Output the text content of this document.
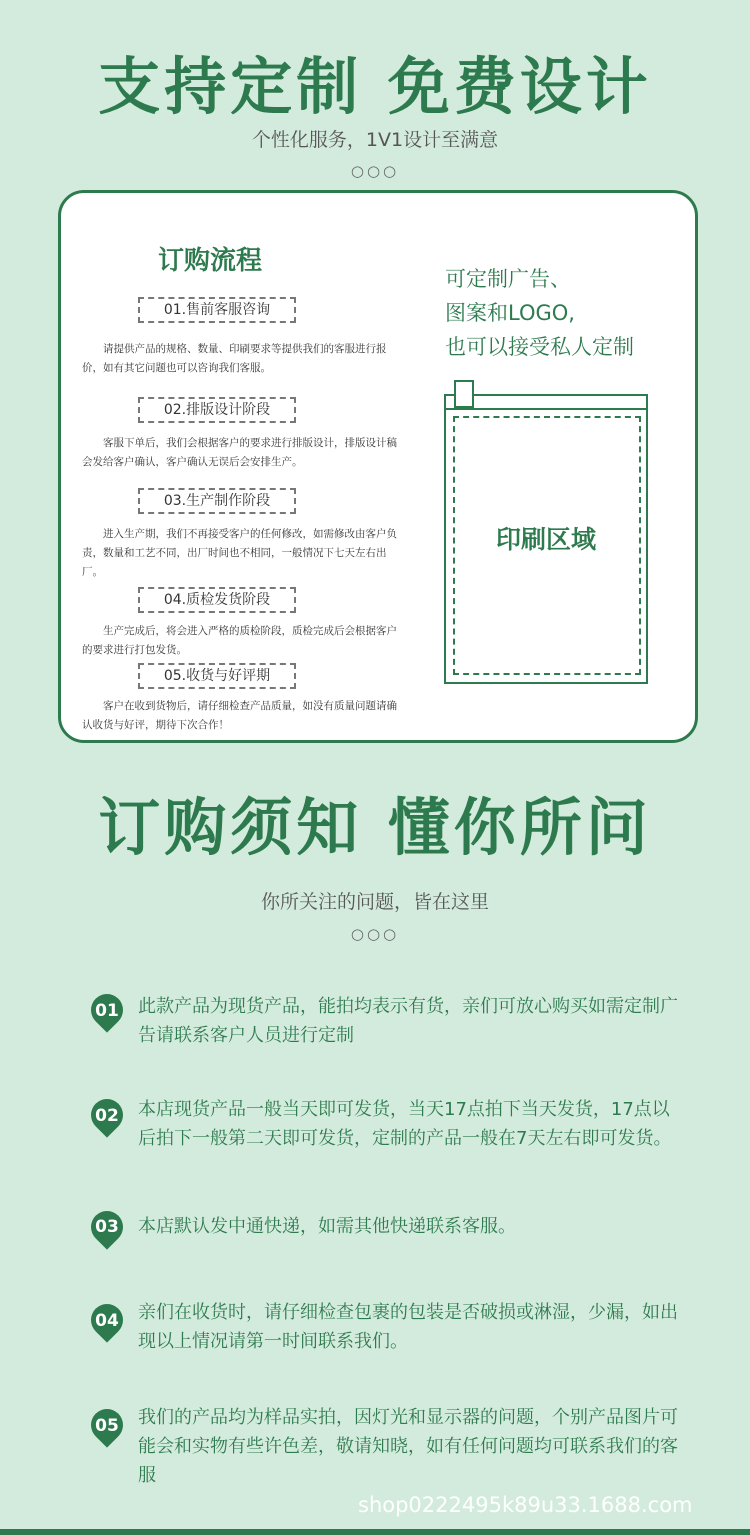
支持定制 免费设计
个性化服务，1V1设计至满意
○○○
订购流程
01.售前客服咨询
请提供产品的规格、数量、印刷要求等提供我们的客服进行报价，如有其它问题也可以咨询我们客服。
02.排版设计阶段
客服下单后，我们会根据客户的要求进行排版设计，排版设计稿会发给客户确认，客户确认无误后会安排生产。
03.生产制作阶段
进入生产期，我们不再接受客户的任何修改，如需修改由客户负责，数量和工艺不同，出厂时间也不相同，一般情况下七天左右出厂。
04.质检发货阶段
生产完成后，将会进入严格的质检阶段，质检完成后会根据客户的要求进行打包发货。
05.收货与好评期
客户在收到货物后，请仔细检查产品质量，如没有质量问题请确认收货与好评，期待下次合作！
可定制广告、
图案和LOGO,
也可以接受私人定制
印刷区域
订购须知 懂你所问
你所关注的问题，皆在这里
○○○
01 此款产品为现货产品，能拍均表示有货，亲们可放心购买如需定制广告请联系客户人员进行定制
02 本店现货产品一般当天即可发货，当天17点拍下当天发货，17点以后拍下一般第二天即可发货，定制的产品一般在7天左右即可发货。
03 本店默认发中通快递，如需其他快递联系客服。
04 亲们在收货时，请仔细检查包裹的包装是否破损或淋湿，少漏，如出现以上情况请第一时间联系我们。
05 我们的产品均为样品实拍，因灯光和显示器的问题，个别产品图片可能会和实物有些许色差，敬请知晓，如有任何问题均可联系我们的客服
shop0222495k89u33.1688.com
